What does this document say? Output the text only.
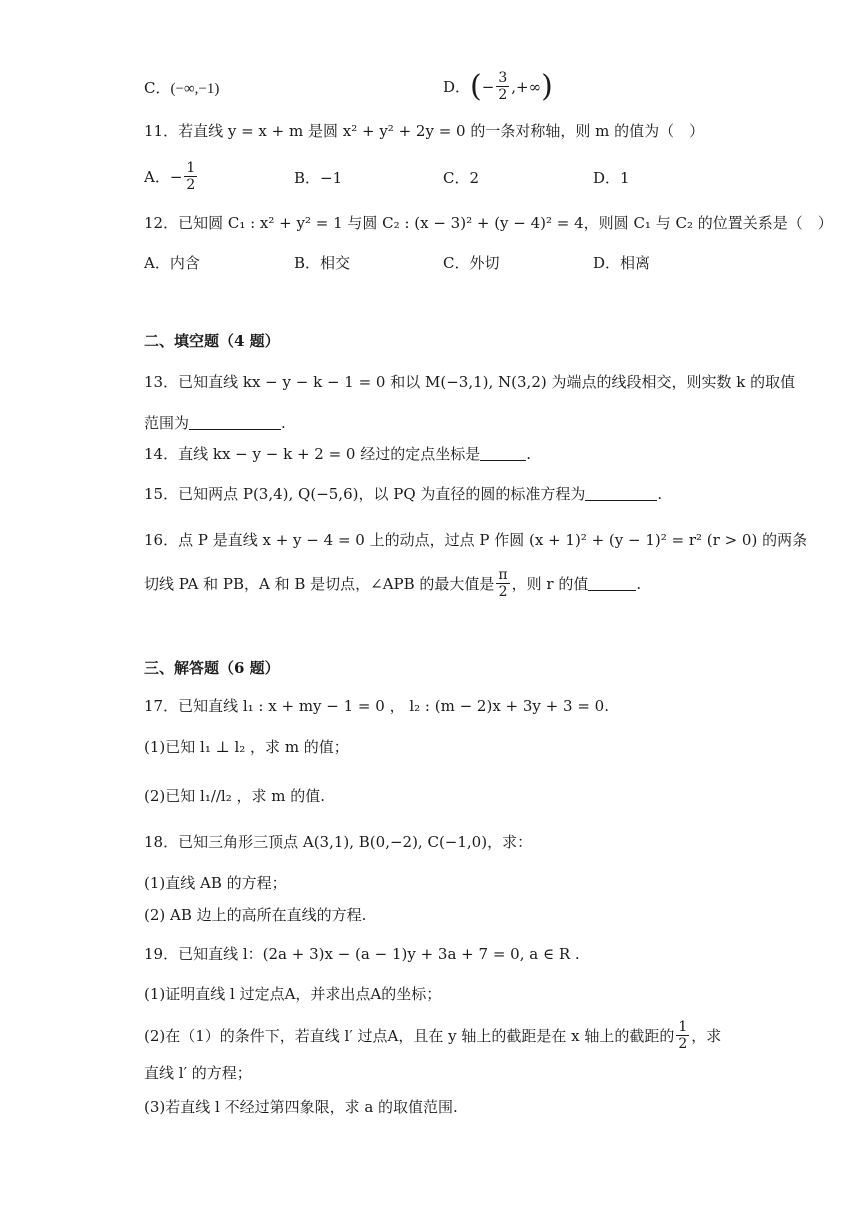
C．(−∞,−1)	D． ( − $\frac{3}{2}$ ,+∞ )
11．若直线 y = x + m 是圆 x² + y² + 2y = 0 的一条对称轴，则 m 的值为（　）
A． − $\frac{1}{2}$	B．−1	C．2	D．1
12．已知圆 C₁ : x² + y² = 1 与圆 C₂ : (x − 3)² + (y − 4)² = 4，则圆 C₁ 与 C₂ 的位置关系是（　）
A．内含	B．相交	C．外切	D．相离
二、填空题（4 题）
13．已知直线 kx − y − k − 1 = 0 和以 M(−3,1), N(3,2) 为端点的线段相交，则实数 k 的取值
范围为	.
14．直线 kx − y − k + 2 = 0 经过的定点坐标是	.
15．已知两点 P(3,4), Q(−5,6)，以 PQ 为直径的圆的标准方程为	.
16．点 P 是直线 x + y − 4 = 0 上的动点，过点 P 作圆 (x + 1)² + (y − 1)² = r² (r > 0) 的两条
切线 PA 和 PB，A 和 B 是切点，∠APB 的最大值是 $\frac{\pi}{2}$ ，则 r 的值	.
三、解答题（6 题）
17．已知直线 l₁ : x + my − 1 = 0 ， l₂ : (m − 2)x + 3y + 3 = 0.
(1)已知 l₁ ⊥ l₂ ，求 m 的值；
(2)已知 l₁//l₂ ，求 m 的值.
18．已知三角形三顶点 A(3,1), B(0,−2), C(−1,0)，求：
(1)直线 AB 的方程；
(2) AB 边上的高所在直线的方程.
19．已知直线 l：(2a + 3)x − (a − 1)y + 3a + 7 = 0, a ∈ R .
(1)证明直线 l 过定点A，并求出点A的坐标；
(2)在（1）的条件下，若直线 l′ 过点A，且在 y 轴上的截距是在 x 轴上的截距的 $\frac{1}{2}$ ，求
直线 l′ 的方程；
(3)若直线 l 不经过第四象限，求 a 的取值范围.
